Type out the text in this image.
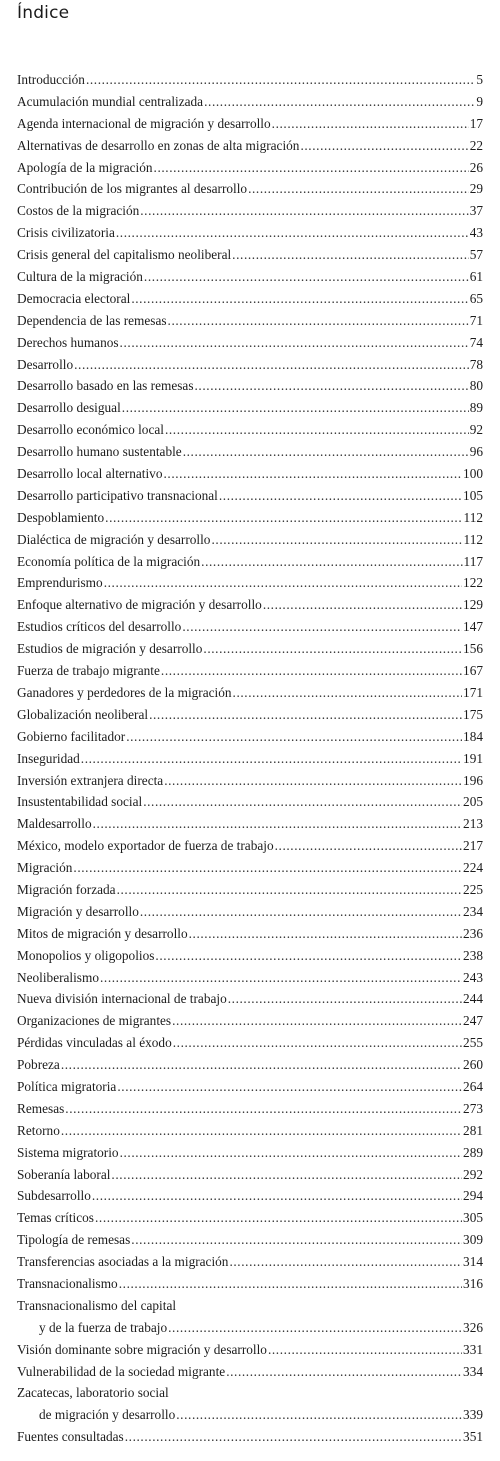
Índice
Introducción .....	5
Acumulación mundial centralizada .....	9
Agenda internacional de migración y desarrollo .....	17
Alternativas de desarrollo en zonas de alta migración .....	22
Apología de la migración .....	26
Contribución de los migrantes al desarrollo .....	29
Costos de la migración .....	37
Crisis civilizatoria .....	43
Crisis general del capitalismo neoliberal .....	57
Cultura de la migración .....	61
Democracia electoral .....	65
Dependencia de las remesas .....	71
Derechos humanos .....	74
Desarrollo .....	78
Desarrollo basado en las remesas .....	80
Desarrollo desigual .....	89
Desarrollo económico local .....	92
Desarrollo humano sustentable .....	96
Desarrollo local alternativo .....	100
Desarrollo participativo transnacional .....	105
Despoblamiento .....	112
Dialéctica de migración y desarrollo .....	112
Economía política de la migración .....	117
Emprendurismo .....	122
Enfoque alternativo de migración y desarrollo .....	129
Estudios críticos del desarrollo .....	147
Estudios de migración y desarrollo .....	156
Fuerza de trabajo migrante .....	167
Ganadores y perdedores de la migración .....	171
Globalización neoliberal .....	175
Gobierno facilitador .....	184
Inseguridad .....	191
Inversión extranjera directa .....	196
Insustentabilidad social .....	205
Maldesarrollo .....	213
México, modelo exportador de fuerza de trabajo .....	217
Migración .....	224
Migración forzada .....	225
Migración y desarrollo .....	234
Mitos de migración y desarrollo .....	236
Monopolios y oligopolios .....	238
Neoliberalismo .....	243
Nueva división internacional de trabajo .....	244
Organizaciones de migrantes .....	247
Pérdidas vinculadas al éxodo .....	255
Pobreza .....	260
Política migratoria .....	264
Remesas .....	273
Retorno .....	281
Sistema migratorio .....	289
Soberanía laboral .....	292
Subdesarrollo .....	294
Temas críticos .....	305
Tipología de remesas .....	309
Transferencias asociadas a la migración .....	314
Transnacionalismo .....	316
Transnacionalismo del capital
y de la fuerza de trabajo .....	326
Visión dominante sobre migración y desarrollo .....	331
Vulnerabilidad de la sociedad migrante .....	334
Zacatecas, laboratorio social
de migración y desarrollo .....	339
Fuentes consultadas .....	351
